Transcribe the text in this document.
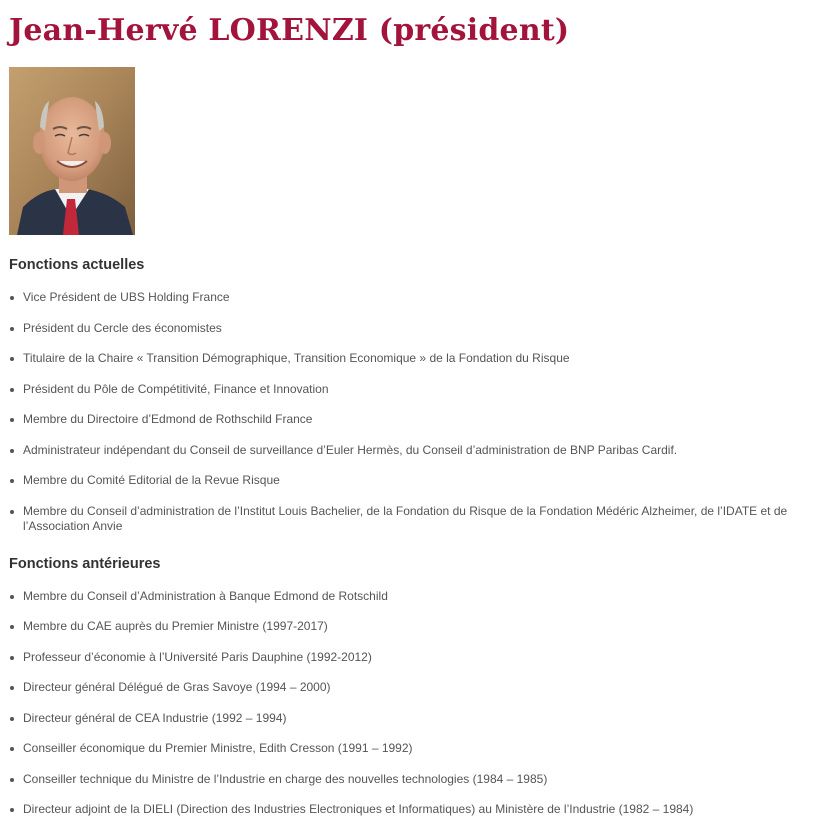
Jean-Hervé LORENZI (président)
Fonctions actuelles
Vice Président de UBS Holding France
Président du Cercle des économistes
Titulaire de la Chaire « Transition Démographique, Transition Economique » de la Fondation du Risque
Président du Pôle de Compétitivité, Finance et Innovation
Membre du Directoire d’Edmond de Rothschild France
Administrateur indépendant du Conseil de surveillance d’Euler Hermès, du Conseil d’administration de BNP Paribas Cardif.
Membre du Comité Editorial de la Revue Risque
Membre du Conseil d’administration de l’Institut Louis Bachelier, de la Fondation du Risque de la Fondation Médéric Alzheimer, de l’IDATE et de l’Association Anvie
Fonctions antérieures
Membre du Conseil d’Administration à Banque Edmond de Rotschild
Membre du CAE auprès du Premier Ministre (1997-2017)
Professeur d’économie à l’Université Paris Dauphine (1992-2012)
Directeur général Délégué de Gras Savoye (1994 – 2000)
Directeur général de CEA Industrie (1992 – 1994)
Conseiller économique du Premier Ministre, Edith Cresson (1991 – 1992)
Conseiller technique du Ministre de l’Industrie en charge des nouvelles technologies (1984 – 1985)
Directeur adjoint de la DIELI (Direction des Industries Electroniques et Informatiques) au Ministère de l’Industrie (1982 – 1984)
